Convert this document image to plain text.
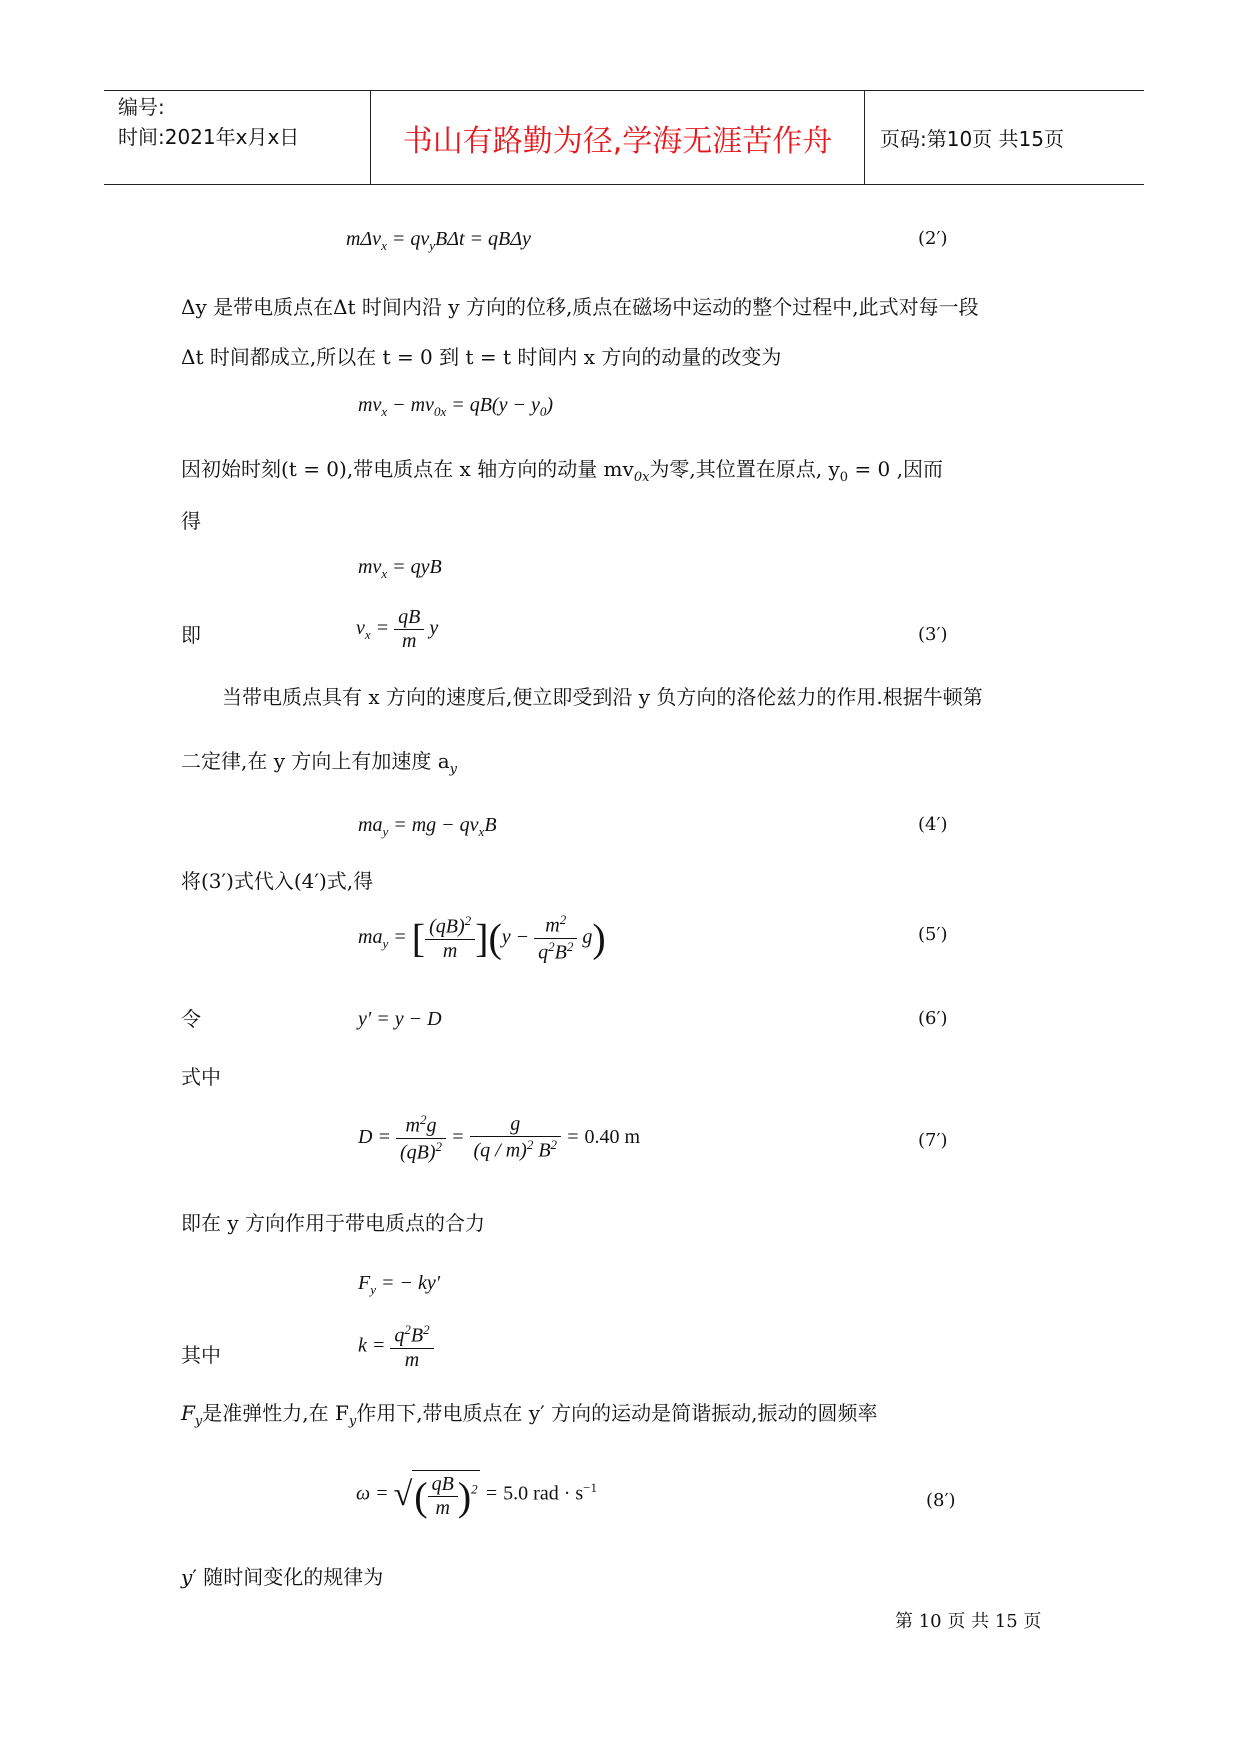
编号:
时间:2021年x月x日	书山有路勤为径,学海无涯苦作舟	页码:第10页 共15页
$m\Delta v_x = qv_yB\Delta t = qB\Delta y$	(2′)
Δy 是带电质点在Δt 时间内沿 y 方向的位移,质点在磁场中运动的整个过程中,此式对每一段
Δt 时间都成立,所以在 t = 0 到 t = t 时间内 x 方向的动量的改变为
$mv_x - mv_{0x} = qB(y - y_0)$
因初始时刻(t = 0),带电质点在 x 轴方向的动量 $mv_{0x}$为零,其位置在原点, $y_0 = 0$ ,因而
得
$mv_x$ = qyB
即	$v_x = \frac{qB}{m}$ y	(3′)
当带电质点具有 x 方向的速度后,便立即受到沿 y 负方向的洛伦兹力的作用.根据牛顿第
二定律,在 y 方向上有加速度 $a_y$
$ma_y$ = mg − $qv_xB$	(4′)
将(3′)式代入(4′)式,得
$ma_y$ = [ $\frac{(qB)^2}{m} ](y - \frac{m^2}{q^2B^2} g)$	(5′)
令	y′ = y − D	(6′)
式中
$D = \frac{m^2g}{(qB)^2} = \frac{g}{(q / m)^2 B^2} = 0.40$ m	(7′)
即在 y 方向作用于带电质点的合力
$F_y$ = − ky′
其中	$k = \frac{q^2B^2}{m}$
$F_y$是准弹性力,在 $F_y$作用下,带电质点在 y′ 方向的运动是简谐振动,振动的圆频率
ω = √( $\frac{qB}{m} )^2 = 5.0$ rad · $s^{-1}$
(8′)
y′ 随时间变化的规律为
第 10 页 共 15 页
